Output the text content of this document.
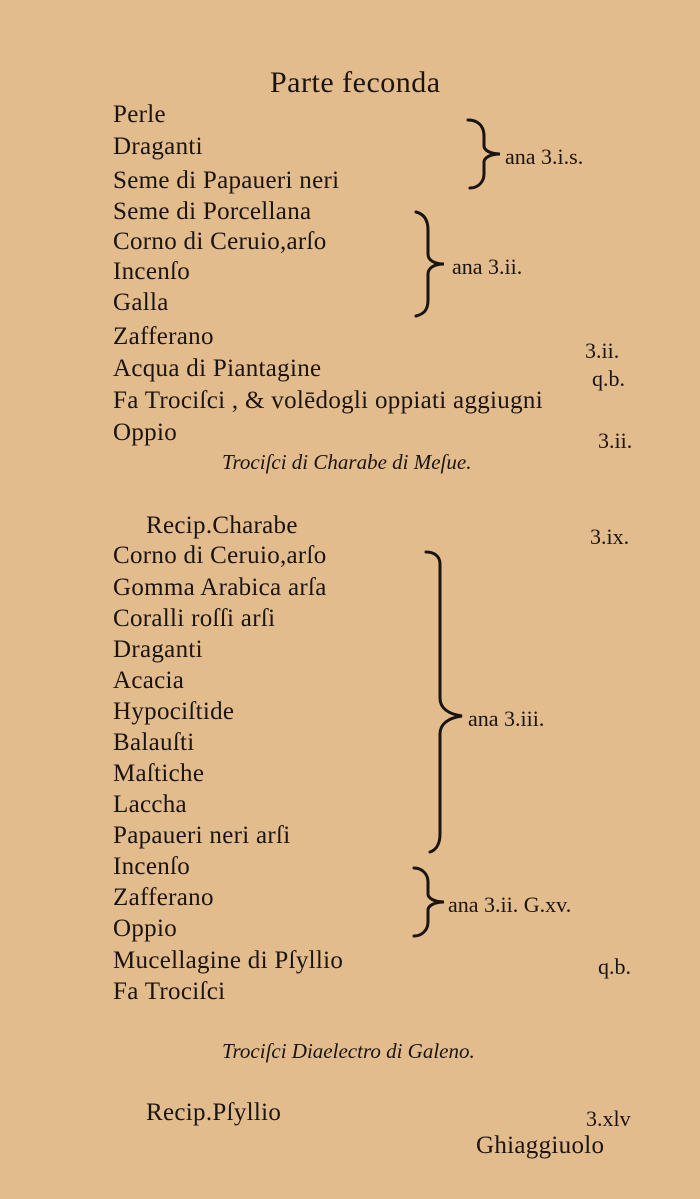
Parte feconda
Perle
Draganti
Seme di Papaueri neri
Seme di Porcellana
Corno di Ceruio,arſo
Incenſo
Galla
Zafferano
Acqua di Piantagine
Fa Trociſci , & volēdogli oppiati aggiugni
Oppio
ana 3.i.s.
ana 3.ii.
3.ii.
q.b.
3.ii.
Trociſci di Charabe di Meſue.
Recip.Charabe	3.ix.
Corno di Ceruio,arſo
Gomma Arabica arſa
Coralli roſſi arſi
Draganti
Acacia
Hypociſtide
Balauſti
Maſtiche
Laccha
Papaueri neri arſi
Incenſo
Zafferano
Oppio
Mucellagine di Pſyllio
Fa Trociſci
ana 3.iii.
ana 3.ii. G.xv.
q.b.
Trociſci Diaelectro di Galeno.
Recip.Pſyllio	3.xlv
Ghiaggiuolo
